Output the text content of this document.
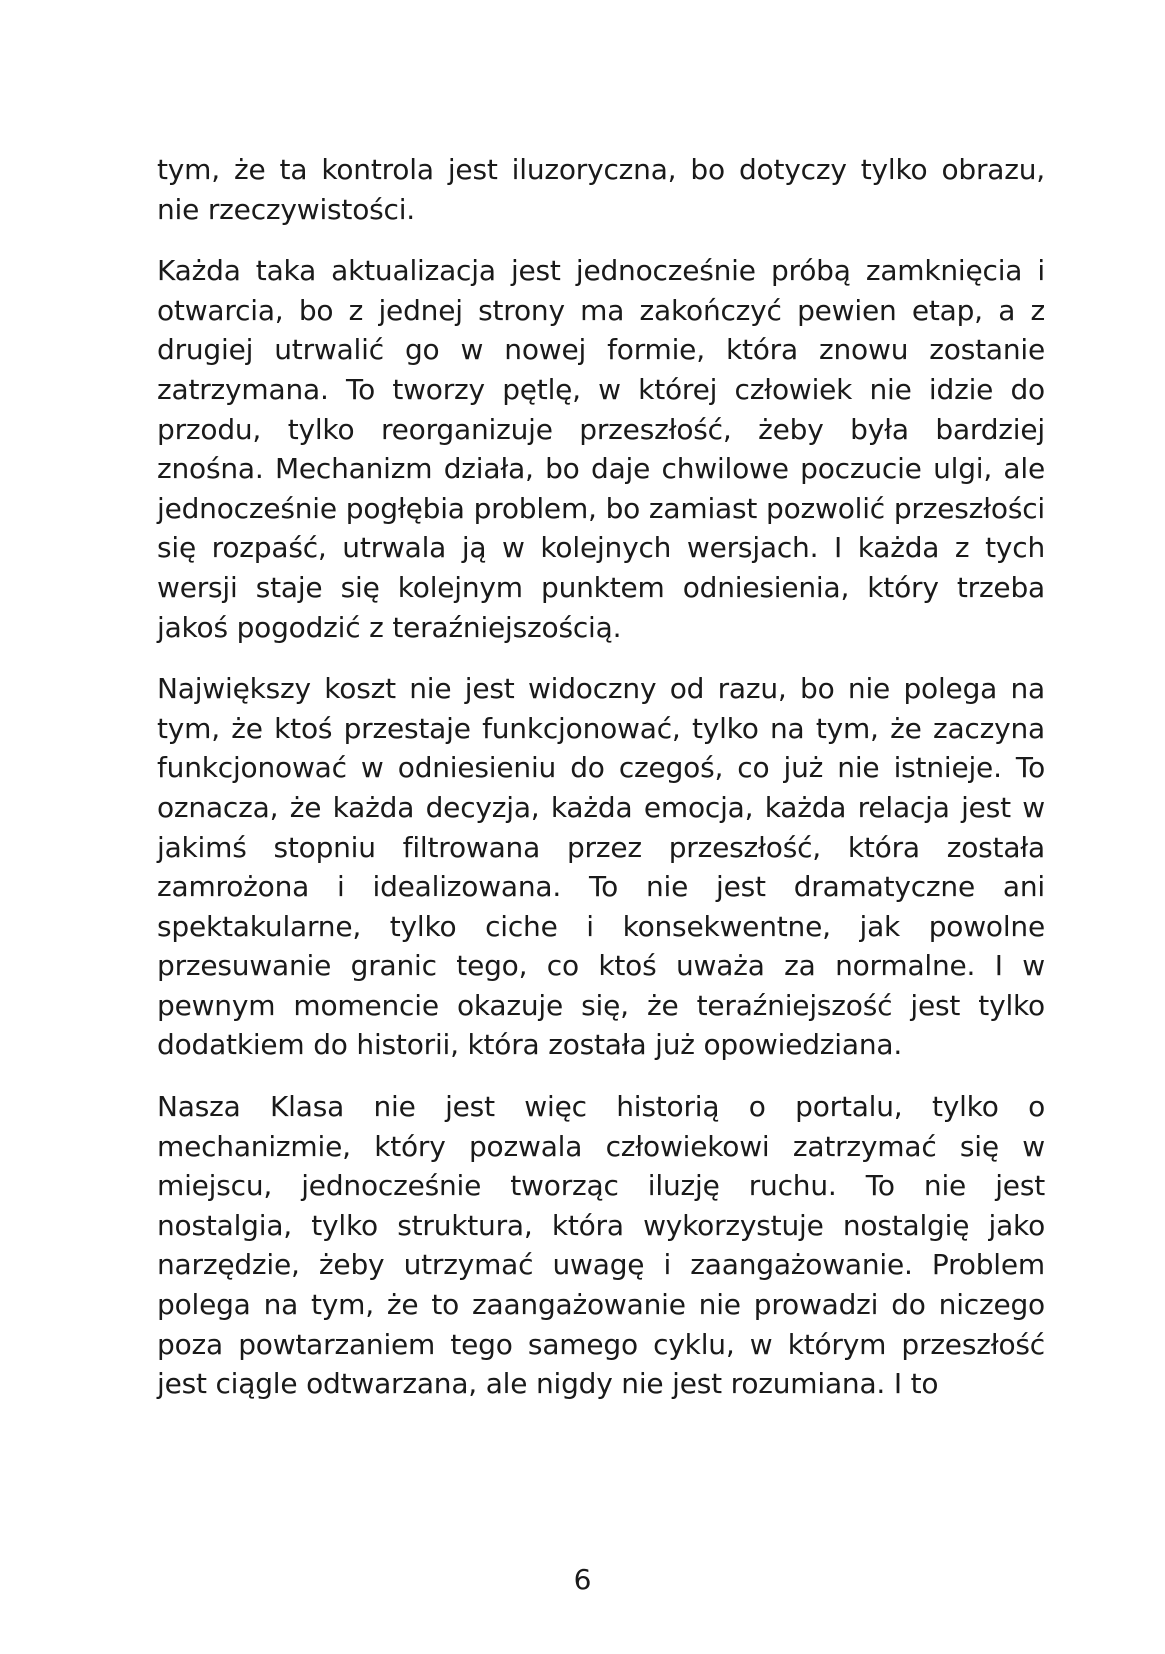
tym, że ta kontrola jest iluzoryczna, bo dotyczy tylko obrazu, nie rzeczywistości.

Każda taka aktualizacja jest jednocześnie próbą zamknięcia i otwarcia, bo z jednej strony ma zakończyć pewien etap, a z drugiej utrwalić go w nowej formie, która znowu zostanie zatrzymana. To tworzy pętlę, w której człowiek nie idzie do przodu, tylko reorganizuje przeszłość, żeby była bardziej znośna. Mechanizm działa, bo daje chwilowe poczucie ulgi, ale jednocześnie pogłębia problem, bo zamiast pozwolić przeszłości się rozpaść, utrwala ją w kolejnych wersjach. I każda z tych wersji staje się kolejnym punktem odniesienia, który trzeba jakoś pogodzić z teraźniejszością.

Największy koszt nie jest widoczny od razu, bo nie polega na tym, że ktoś przestaje funkcjonować, tylko na tym, że zaczyna funkcjonować w odniesieniu do czegoś, co już nie istnieje. To oznacza, że każda decyzja, każda emocja, każda relacja jest w jakimś stopniu filtrowana przez przeszłość, która została zamrożona i idealizowana. To nie jest dramatyczne ani spektakularne, tylko ciche i konsekwentne, jak powolne przesuwanie granic tego, co ktoś uważa za normalne. I w pewnym momencie okazuje się, że teraźniejszość jest tylko dodatkiem do historii, która została już opowiedziana.

Nasza Klasa nie jest więc historią o portalu, tylko o mechanizmie, który pozwala człowiekowi zatrzymać się w miejscu, jednocześnie tworząc iluzję ruchu. To nie jest nostalgia, tylko struktura, która wykorzystuje nostalgię jako narzędzie, żeby utrzymać uwagę i zaangażowanie. Problem polega na tym, że to zaangażowanie nie prowadzi do niczego poza powtarzaniem tego samego cyklu, w którym przeszłość jest ciągle odtwarzana, ale nigdy nie jest rozumiana. I to

6
